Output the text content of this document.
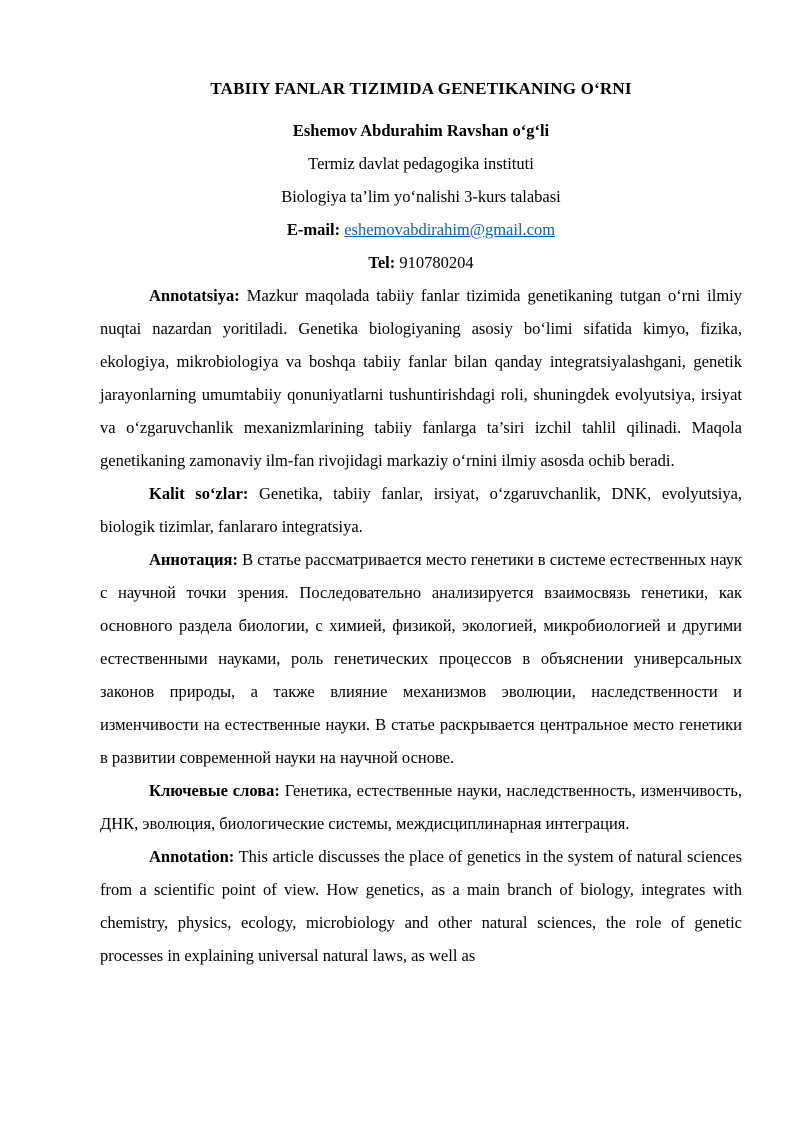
TABIIY FANLAR TIZIMIDA GENETIKANING O‘RNI
Eshemov Abdurahim Ravshan o‘g‘li
Termiz davlat pedagogika instituti
Biologiya ta’lim yo‘nalishi 3-kurs talabasi
E-mail: eshemovabdirahim@gmail.com
Tel: 910780204

Annotatsiya: Mazkur maqolada tabiiy fanlar tizimida genetikaning tutgan o‘rni ilmiy nuqtai nazardan yoritiladi. Genetika biologiyaning asosiy bo‘limi sifatida kimyo, fizika, ekologiya, mikrobiologiya va boshqa tabiiy fanlar bilan qanday integratsiyalashgani, genetik jarayonlarning umumtabiiy qonuniyatlarni tushuntirishdagi roli, shuningdek evolyutsiya, irsiyat va o‘zgaruvchanlik mexanizmlarining tabiiy fanlarga ta’siri izchil tahlil qilinadi. Maqola genetikaning zamonaviy ilm-fan rivojidagi markaziy o‘rnini ilmiy asosda ochib beradi.

Kalit so‘zlar: Genetika, tabiiy fanlar, irsiyat, o‘zgaruvchanlik, DNK, evolyutsiya, biologik tizimlar, fanlararo integratsiya.

Аннотация: В статье рассматривается место генетики в системе естественных наук с научной точки зрения. Последовательно анализируется взаимосвязь генетики, как основного раздела биологии, с химией, физикой, экологией, микробиологией и другими естественными науками, роль генетических процессов в объяснении универсальных законов природы, а также влияние механизмов эволюции, наследственности и изменчивости на естественные науки. В статье раскрывается центральное место генетики в развитии современной науки на научной основе.

Ключевые слова: Генетика, естественные науки, наследственность, изменчивость, ДНК, эволюция, биологические системы, междисциплинарная интеграция.

Annotation: This article discusses the place of genetics in the system of natural sciences from a scientific point of view. How genetics, as a main branch of biology, integrates with chemistry, physics, ecology, microbiology and other natural sciences, the role of genetic processes in explaining universal natural laws, as well as
